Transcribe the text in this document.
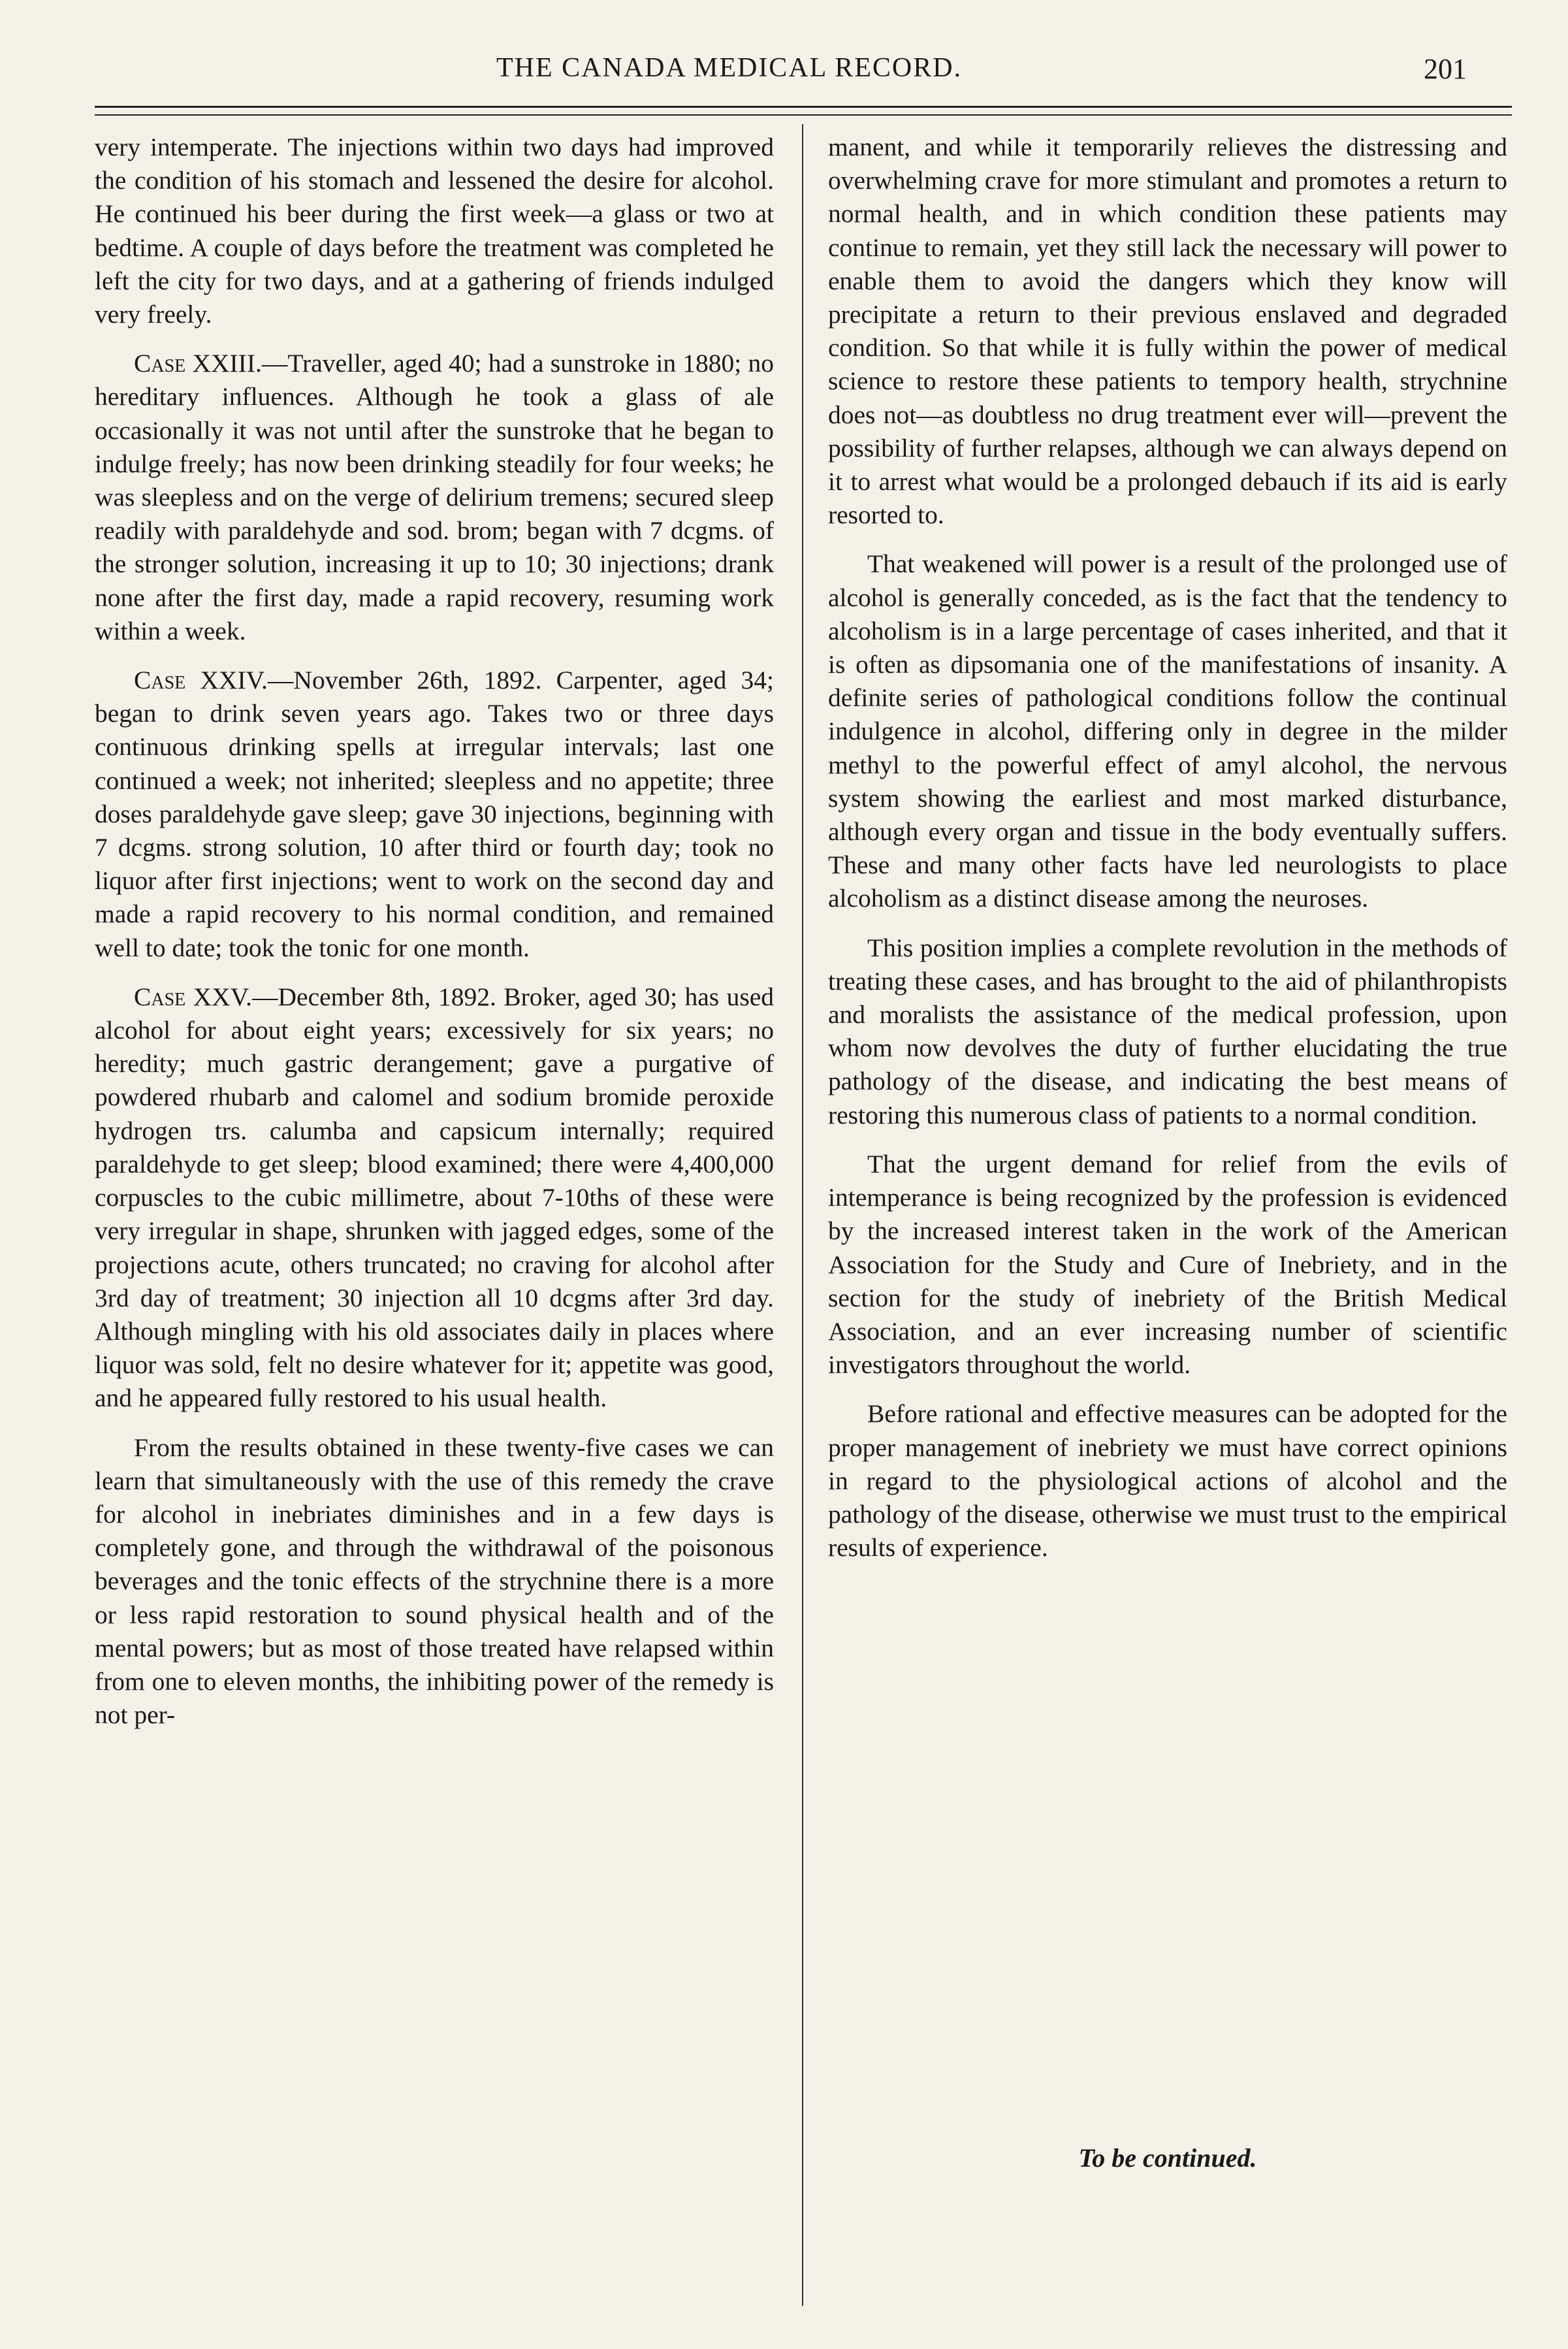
THE CANADA MEDICAL RECORD.	201

very intemperate. The injections within two days had improved the condition of his stomach and lessened the desire for alcohol. He continued his beer during the first week—a glass or two at bedtime. A couple of days before the treatment was completed he left the city for two days, and at a gathering of friends indulged very freely.

Case XXIII.—Traveller, aged 40; had a sunstroke in 1880; no hereditary influences. Although he took a glass of ale occasionally it was not until after the sunstroke that he began to indulge freely; has now been drinking steadily for four weeks; he was sleepless and on the verge of delirium tremens; secured sleep readily with paraldehyde and sod. brom; began with 7 dcgms. of the stronger solution, increasing it up to 10; 30 injections; drank none after the first day, made a rapid recovery, resuming work within a week.

Case XXIV.—November 26th, 1892. Carpenter, aged 34; began to drink seven years ago. Takes two or three days continuous drinking spells at irregular intervals; last one continued a week; not inherited; sleepless and no appetite; three doses paraldehyde gave sleep; gave 30 injections, beginning with 7 dcgms. strong solution, 10 after third or fourth day; took no liquor after first injections; went to work on the second day and made a rapid recovery to his normal condition, and remained well to date; took the tonic for one month.

Case XXV.—December 8th, 1892. Broker, aged 30; has used alcohol for about eight years; excessively for six years; no heredity; much gastric derangement; gave a purgative of powdered rhubarb and calomel and sodium bromide peroxide hydrogen trs. calumba and capsicum internally; required paraldehyde to get sleep; blood examined; there were 4,400,000 corpuscles to the cubic millimetre, about 7-10ths of these were very irregular in shape, shrunken with jagged edges, some of the projections acute, others truncated; no craving for alcohol after 3rd day of treatment; 30 injection all 10 dcgms after 3rd day. Although mingling with his old associates daily in places where liquor was sold, felt no desire whatever for it; appetite was good, and he appeared fully restored to his usual health.

From the results obtained in these twenty-five cases we can learn that simultaneously with the use of this remedy the crave for alcohol in inebriates diminishes and in a few days is completely gone, and through the withdrawal of the poisonous beverages and the tonic effects of the strychnine there is a more or less rapid restoration to sound physical health and of the mental powers; but as most of those treated have relapsed within from one to eleven months, the inhibiting power of the remedy is not per-

manent, and while it temporarily relieves the distressing and overwhelming crave for more stimulant and promotes a return to normal health, and in which condition these patients may continue to remain, yet they still lack the necessary will power to enable them to avoid the dangers which they know will precipitate a return to their previous enslaved and degraded condition. So that while it is fully within the power of medical science to restore these patients to tempory health, strychnine does not—as doubtless no drug treatment ever will—prevent the possibility of further relapses, although we can always depend on it to arrest what would be a prolonged debauch if its aid is early resorted to.

That weakened will power is a result of the prolonged use of alcohol is generally conceded, as is the fact that the tendency to alcoholism is in a large percentage of cases inherited, and that it is often as dipsomania one of the manifestations of insanity. A definite series of pathological conditions follow the continual indulgence in alcohol, differing only in degree in the milder methyl to the powerful effect of amyl alcohol, the nervous system showing the earliest and most marked disturbance, although every organ and tissue in the body eventually suffers. These and many other facts have led neurologists to place alcoholism as a distinct disease among the neuroses.

This position implies a complete revolution in the methods of treating these cases, and has brought to the aid of philanthropists and moralists the assistance of the medical profession, upon whom now devolves the duty of further elucidating the true pathology of the disease, and indicating the best means of restoring this numerous class of patients to a normal condition.

That the urgent demand for relief from the evils of intemperance is being recognized by the profession is evidenced by the increased interest taken in the work of the American Association for the Study and Cure of Inebriety, and in the section for the study of inebriety of the British Medical Association, and an ever increasing number of scientific investigators throughout the world.

Before rational and effective measures can be adopted for the proper management of inebriety we must have correct opinions in regard to the physiological actions of alcohol and the pathology of the disease, otherwise we must trust to the empirical results of experience.

To be continued.
